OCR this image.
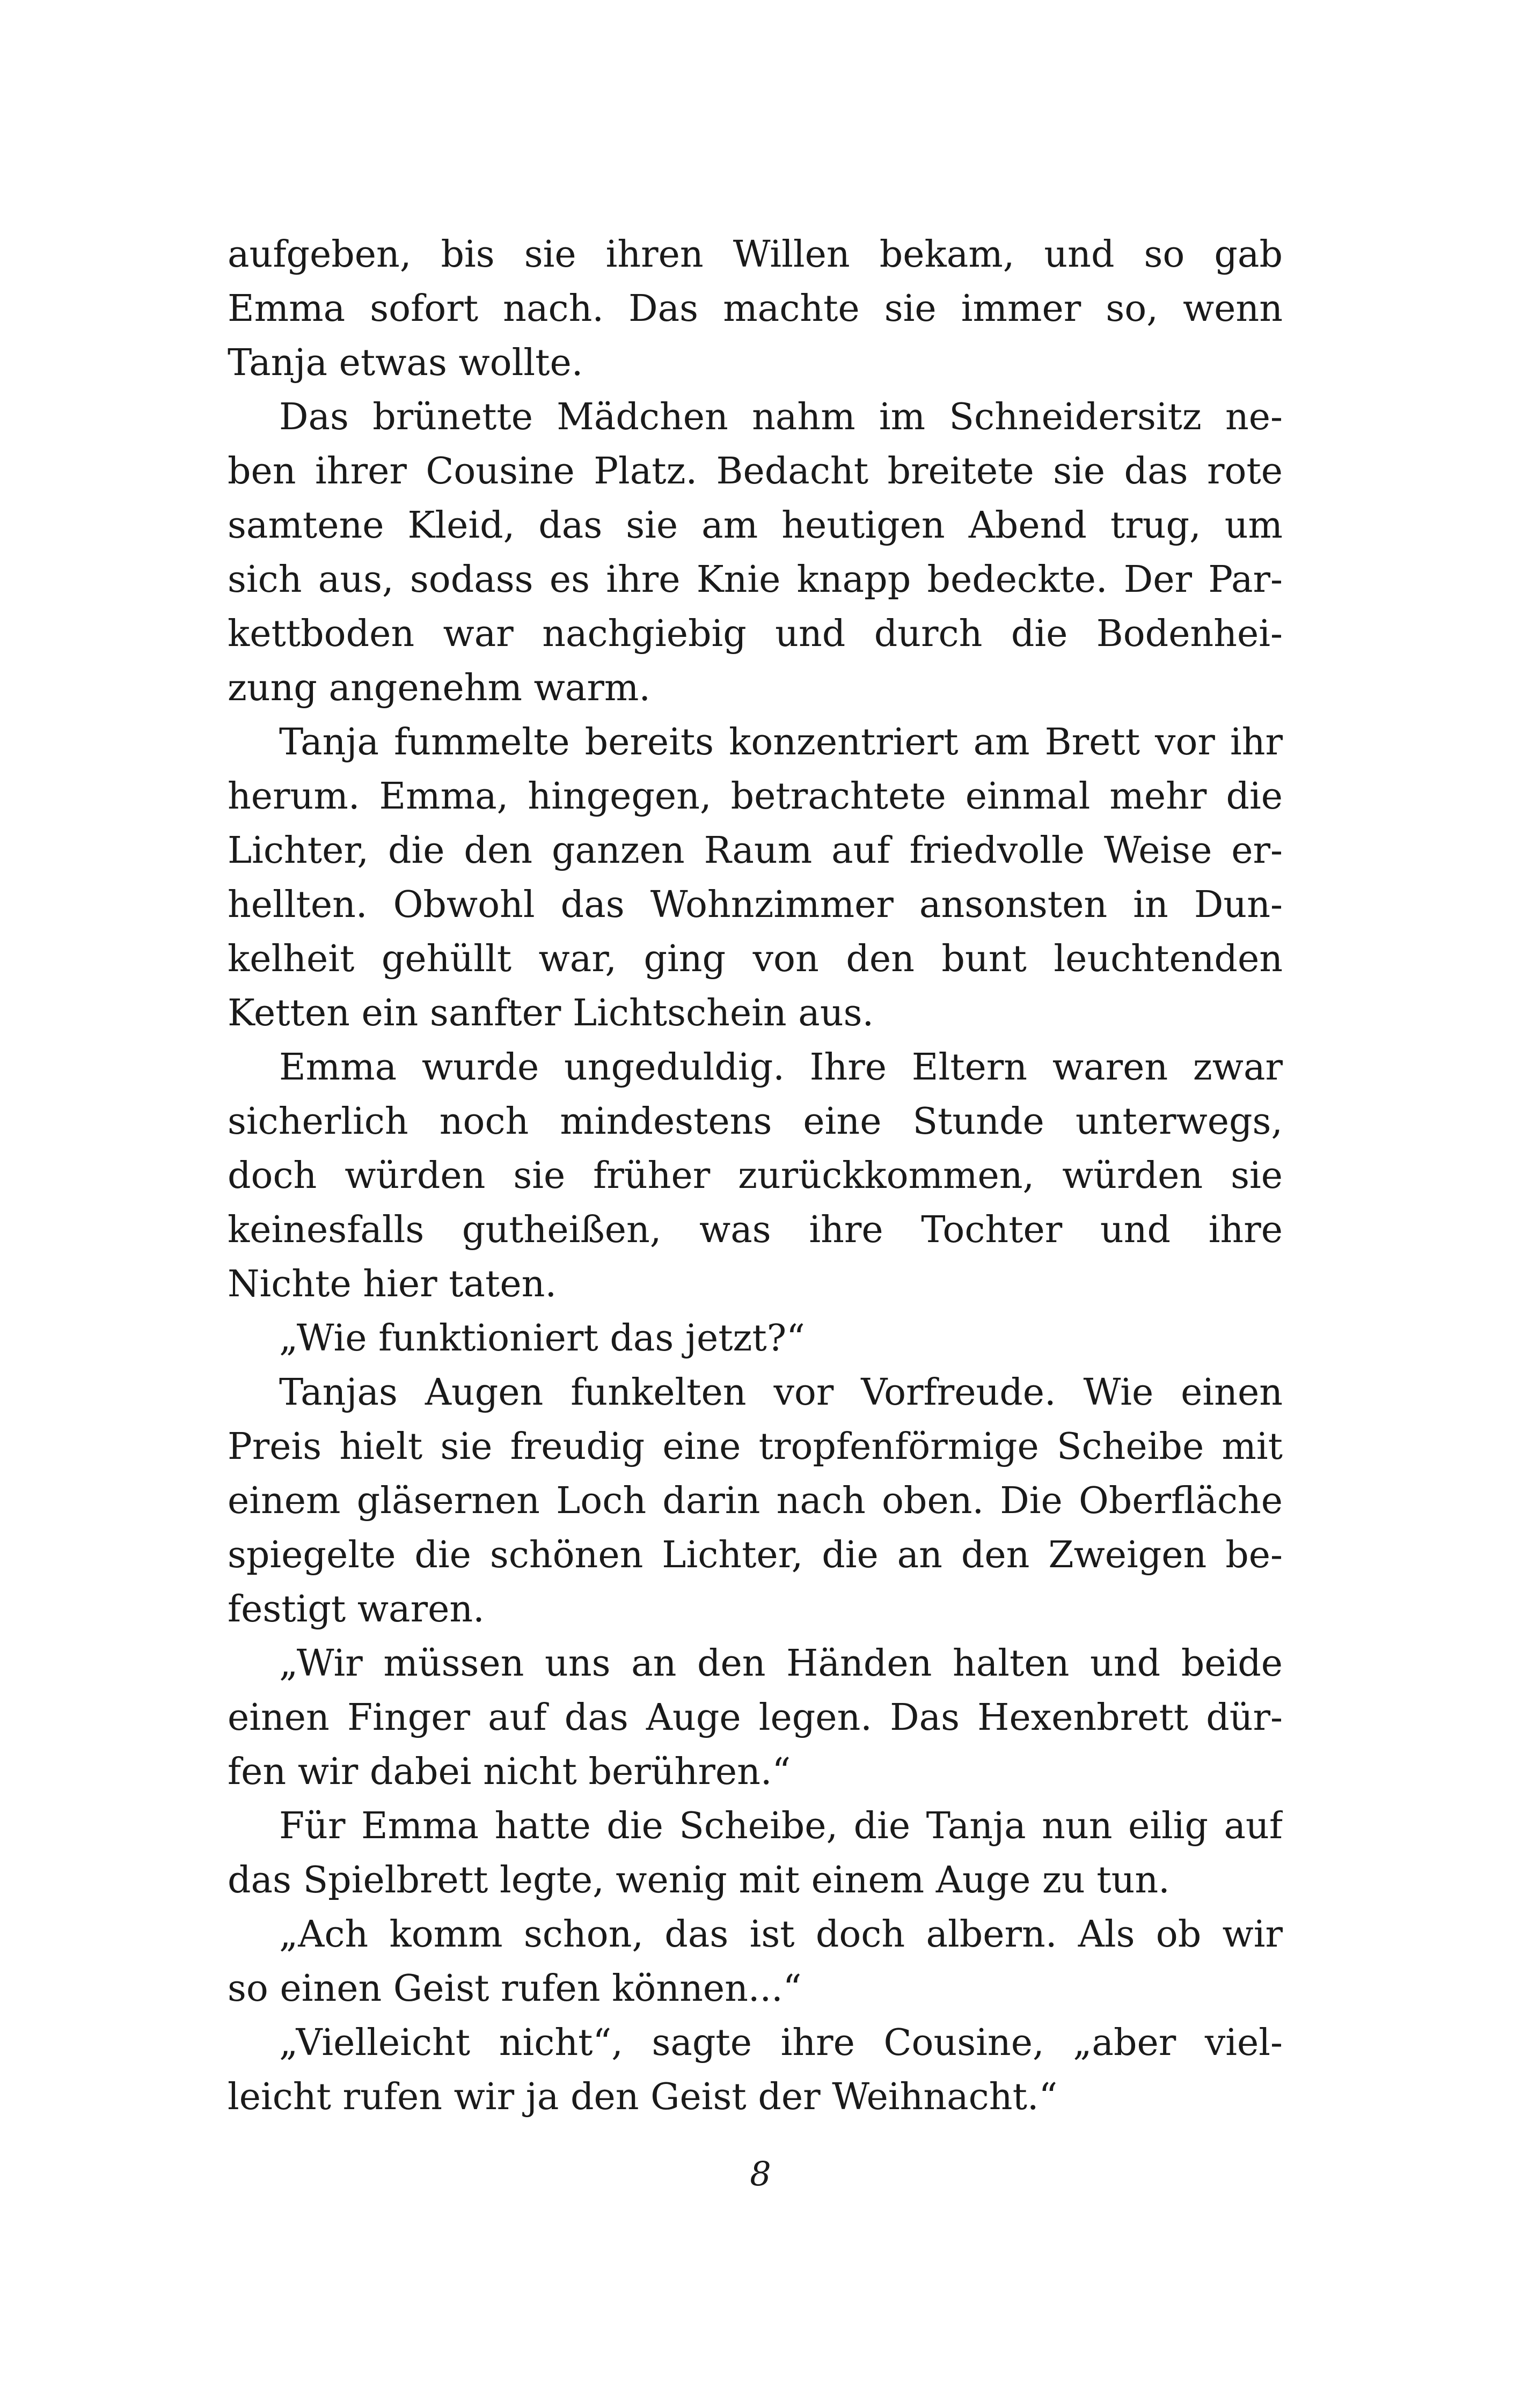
aufgeben, bis sie ihren Willen bekam, und so gab
Emma sofort nach. Das machte sie immer so, wenn
Tanja etwas wollte.
Das brünette Mädchen nahm im Schneidersitz ne-
ben ihrer Cousine Platz. Bedacht breitete sie das rote
samtene Kleid, das sie am heutigen Abend trug, um
sich aus, sodass es ihre Knie knapp bedeckte. Der Par-
kettboden war nachgiebig und durch die Bodenhei-
zung angenehm warm.
Tanja fummelte bereits konzentriert am Brett vor ihr
herum. Emma, hingegen, betrachtete einmal mehr die
Lichter, die den ganzen Raum auf friedvolle Weise er-
hellten. Obwohl das Wohnzimmer ansonsten in Dun-
kelheit gehüllt war, ging von den bunt leuchtenden
Ketten ein sanfter Lichtschein aus.
Emma wurde ungeduldig. Ihre Eltern waren zwar
sicherlich noch mindestens eine Stunde unterwegs,
doch würden sie früher zurückkommen, würden sie
keinesfalls gutheißen, was ihre Tochter und ihre
Nichte hier taten.
„Wie funktioniert das jetzt?“
Tanjas Augen funkelten vor Vorfreude. Wie einen
Preis hielt sie freudig eine tropfenförmige Scheibe mit
einem gläsernen Loch darin nach oben. Die Oberfläche
spiegelte die schönen Lichter, die an den Zweigen be-
festigt waren.
„Wir müssen uns an den Händen halten und beide
einen Finger auf das Auge legen. Das Hexenbrett dür-
fen wir dabei nicht berühren.“
Für Emma hatte die Scheibe, die Tanja nun eilig auf
das Spielbrett legte, wenig mit einem Auge zu tun.
„Ach komm schon, das ist doch albern. Als ob wir
so einen Geist rufen können...“
„Vielleicht nicht“, sagte ihre Cousine, „aber viel-
leicht rufen wir ja den Geist der Weihnacht.“
8
